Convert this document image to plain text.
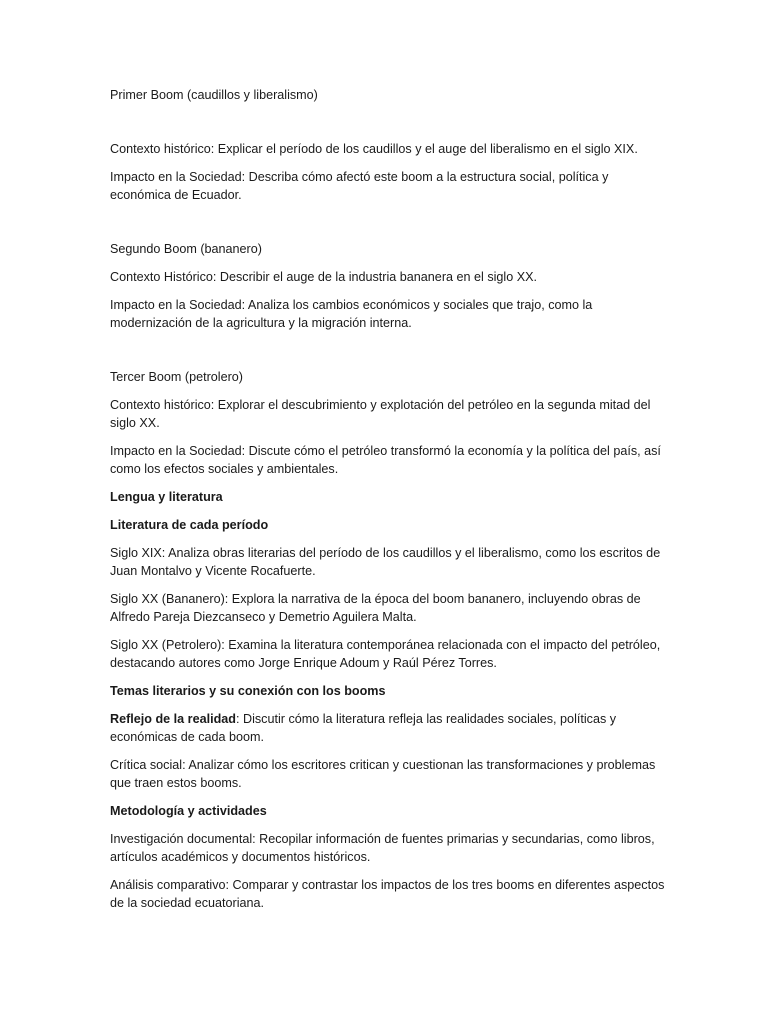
Primer Boom (caudillos y liberalismo)

Contexto histórico: Explicar el período de los caudillos y el auge del liberalismo en el siglo XIX.

Impacto en la Sociedad: Describa cómo afectó este boom a la estructura social, política y económica de Ecuador.

Segundo Boom (bananero)

Contexto Histórico: Describir el auge de la industria bananera en el siglo XX.

Impacto en la Sociedad: Analiza los cambios económicos y sociales que trajo, como la modernización de la agricultura y la migración interna.

Tercer Boom (petrolero)

Contexto histórico: Explorar el descubrimiento y explotación del petróleo en la segunda mitad del siglo XX.

Impacto en la Sociedad: Discute cómo el petróleo transformó la economía y la política del país, así como los efectos sociales y ambientales.

Lengua y literatura

Literatura de cada período

Siglo XIX: Analiza obras literarias del período de los caudillos y el liberalismo, como los escritos de Juan Montalvo y Vicente Rocafuerte.

Siglo XX (Bananero): Explora la narrativa de la época del boom bananero, incluyendo obras de Alfredo Pareja Diezcanseco y Demetrio Aguilera Malta.

Siglo XX (Petrolero): Examina la literatura contemporánea relacionada con el impacto del petróleo, destacando autores como Jorge Enrique Adoum y Raúl Pérez Torres.

Temas literarios y su conexión con los booms

Reflejo de la realidad: Discutir cómo la literatura refleja las realidades sociales, políticas y económicas de cada boom.

Crítica social: Analizar cómo los escritores critican y cuestionan las transformaciones y problemas que traen estos booms.

Metodología y actividades

Investigación documental: Recopilar información de fuentes primarias y secundarias, como libros, artículos académicos y documentos históricos.

Análisis comparativo: Comparar y contrastar los impactos de los tres booms en diferentes aspectos de la sociedad ecuatoriana.
